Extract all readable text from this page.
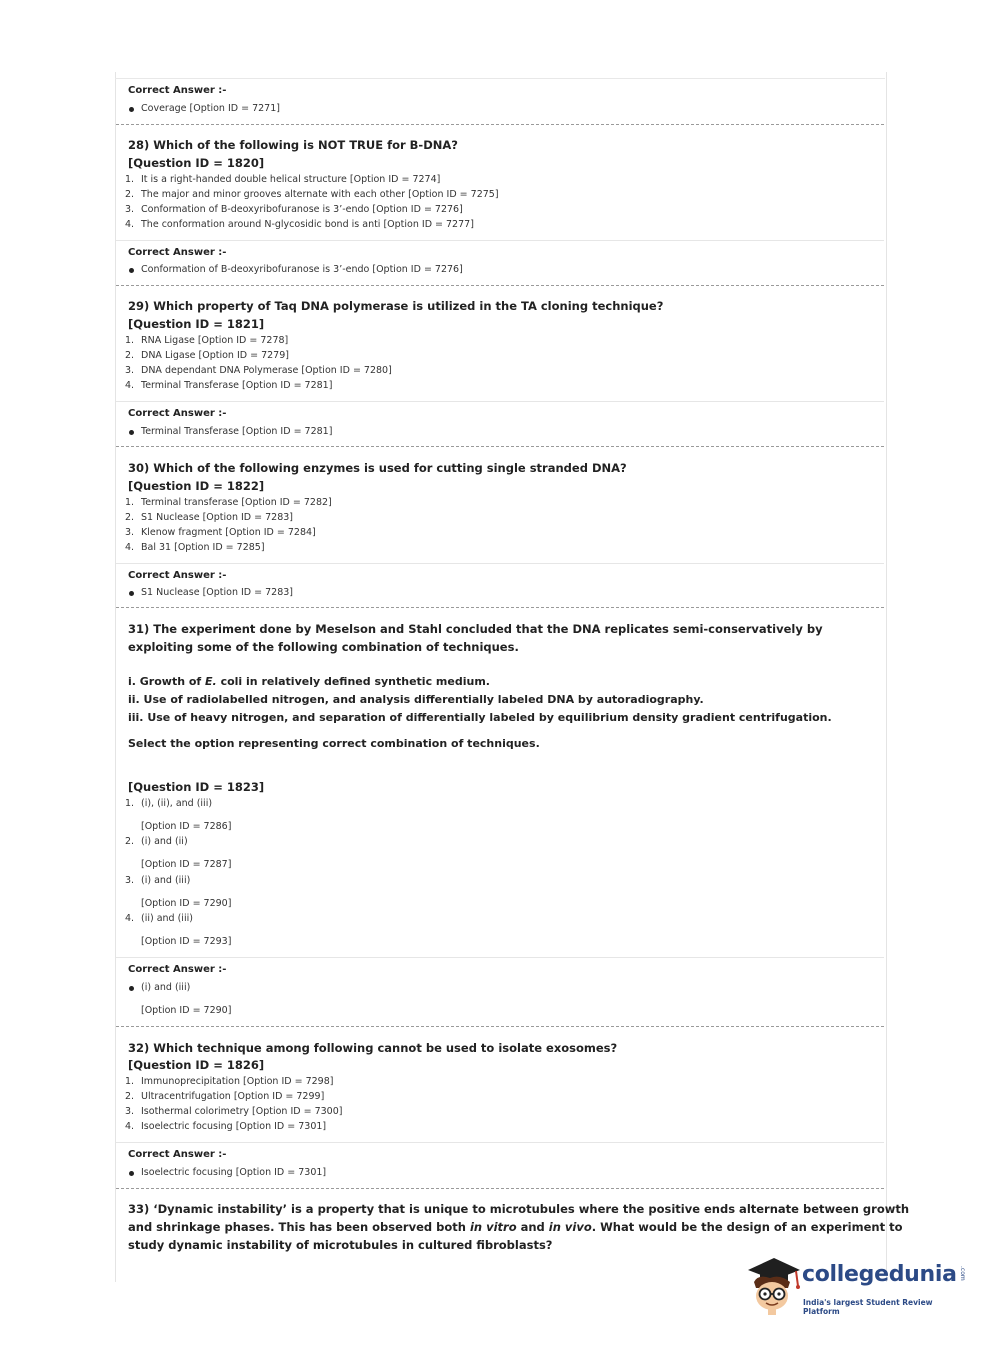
Correct Answer :-
Coverage [Option ID = 7271]
28) Which of the following is NOT TRUE for B-DNA?
[Question ID = 1820]
1. It is a right-handed double helical structure [Option ID = 7274]
2. The major and minor grooves alternate with each other [Option ID = 7275]
3. Conformation of B-deoxyribofuranose is 3’-endo [Option ID = 7276]
4. The conformation around N-glycosidic bond is anti [Option ID = 7277]
Correct Answer :-
Conformation of B-deoxyribofuranose is 3’-endo [Option ID = 7276]
29) Which property of Taq DNA polymerase is utilized in the TA cloning technique?
[Question ID = 1821]
1. RNA Ligase [Option ID = 7278]
2. DNA Ligase [Option ID = 7279]
3. DNA dependant DNA Polymerase [Option ID = 7280]
4. Terminal Transferase [Option ID = 7281]
Correct Answer :-
Terminal Transferase [Option ID = 7281]
30) Which of the following enzymes is used for cutting single stranded DNA?
[Question ID = 1822]
1. Terminal transferase [Option ID = 7282]
2. S1 Nuclease [Option ID = 7283]
3. Klenow fragment [Option ID = 7284]
4. Bal 31 [Option ID = 7285]
Correct Answer :-
S1 Nuclease [Option ID = 7283]
31) The experiment done by Meselson and Stahl concluded that the DNA replicates semi-conservatively by exploiting some of the following combination of techniques.
i. Growth of E. coli in relatively defined synthetic medium.
ii. Use of radiolabelled nitrogen, and analysis differentially labeled DNA by autoradiography.
iii. Use of heavy nitrogen, and separation of differentially labeled by equilibrium density gradient centrifugation.
Select the option representing correct combination of techniques.
[Question ID = 1823]
1. (i), (ii), and (iii)
[Option ID = 7286]
2. (i) and (ii)
[Option ID = 7287]
3. (i) and (iii)
[Option ID = 7290]
4. (ii) and (iii)
[Option ID = 7293]
Correct Answer :-
(i) and (iii)
[Option ID = 7290]
32) Which technique among following cannot be used to isolate exosomes?
[Question ID = 1826]
1. Immunoprecipitation [Option ID = 7298]
2. Ultracentrifugation [Option ID = 7299]
3. Isothermal colorimetry [Option ID = 7300]
4. Isoelectric focusing [Option ID = 7301]
Correct Answer :-
Isoelectric focusing [Option ID = 7301]
33) ‘Dynamic instability’ is a property that is unique to microtubules where the positive ends alternate between growth
and shrinkage phases. This has been observed both in vitro and in vivo. What would be the design of an experiment to
study dynamic instability of microtubules in cultured fibroblasts?
collegedunia .com
India's largest Student Review Platform
